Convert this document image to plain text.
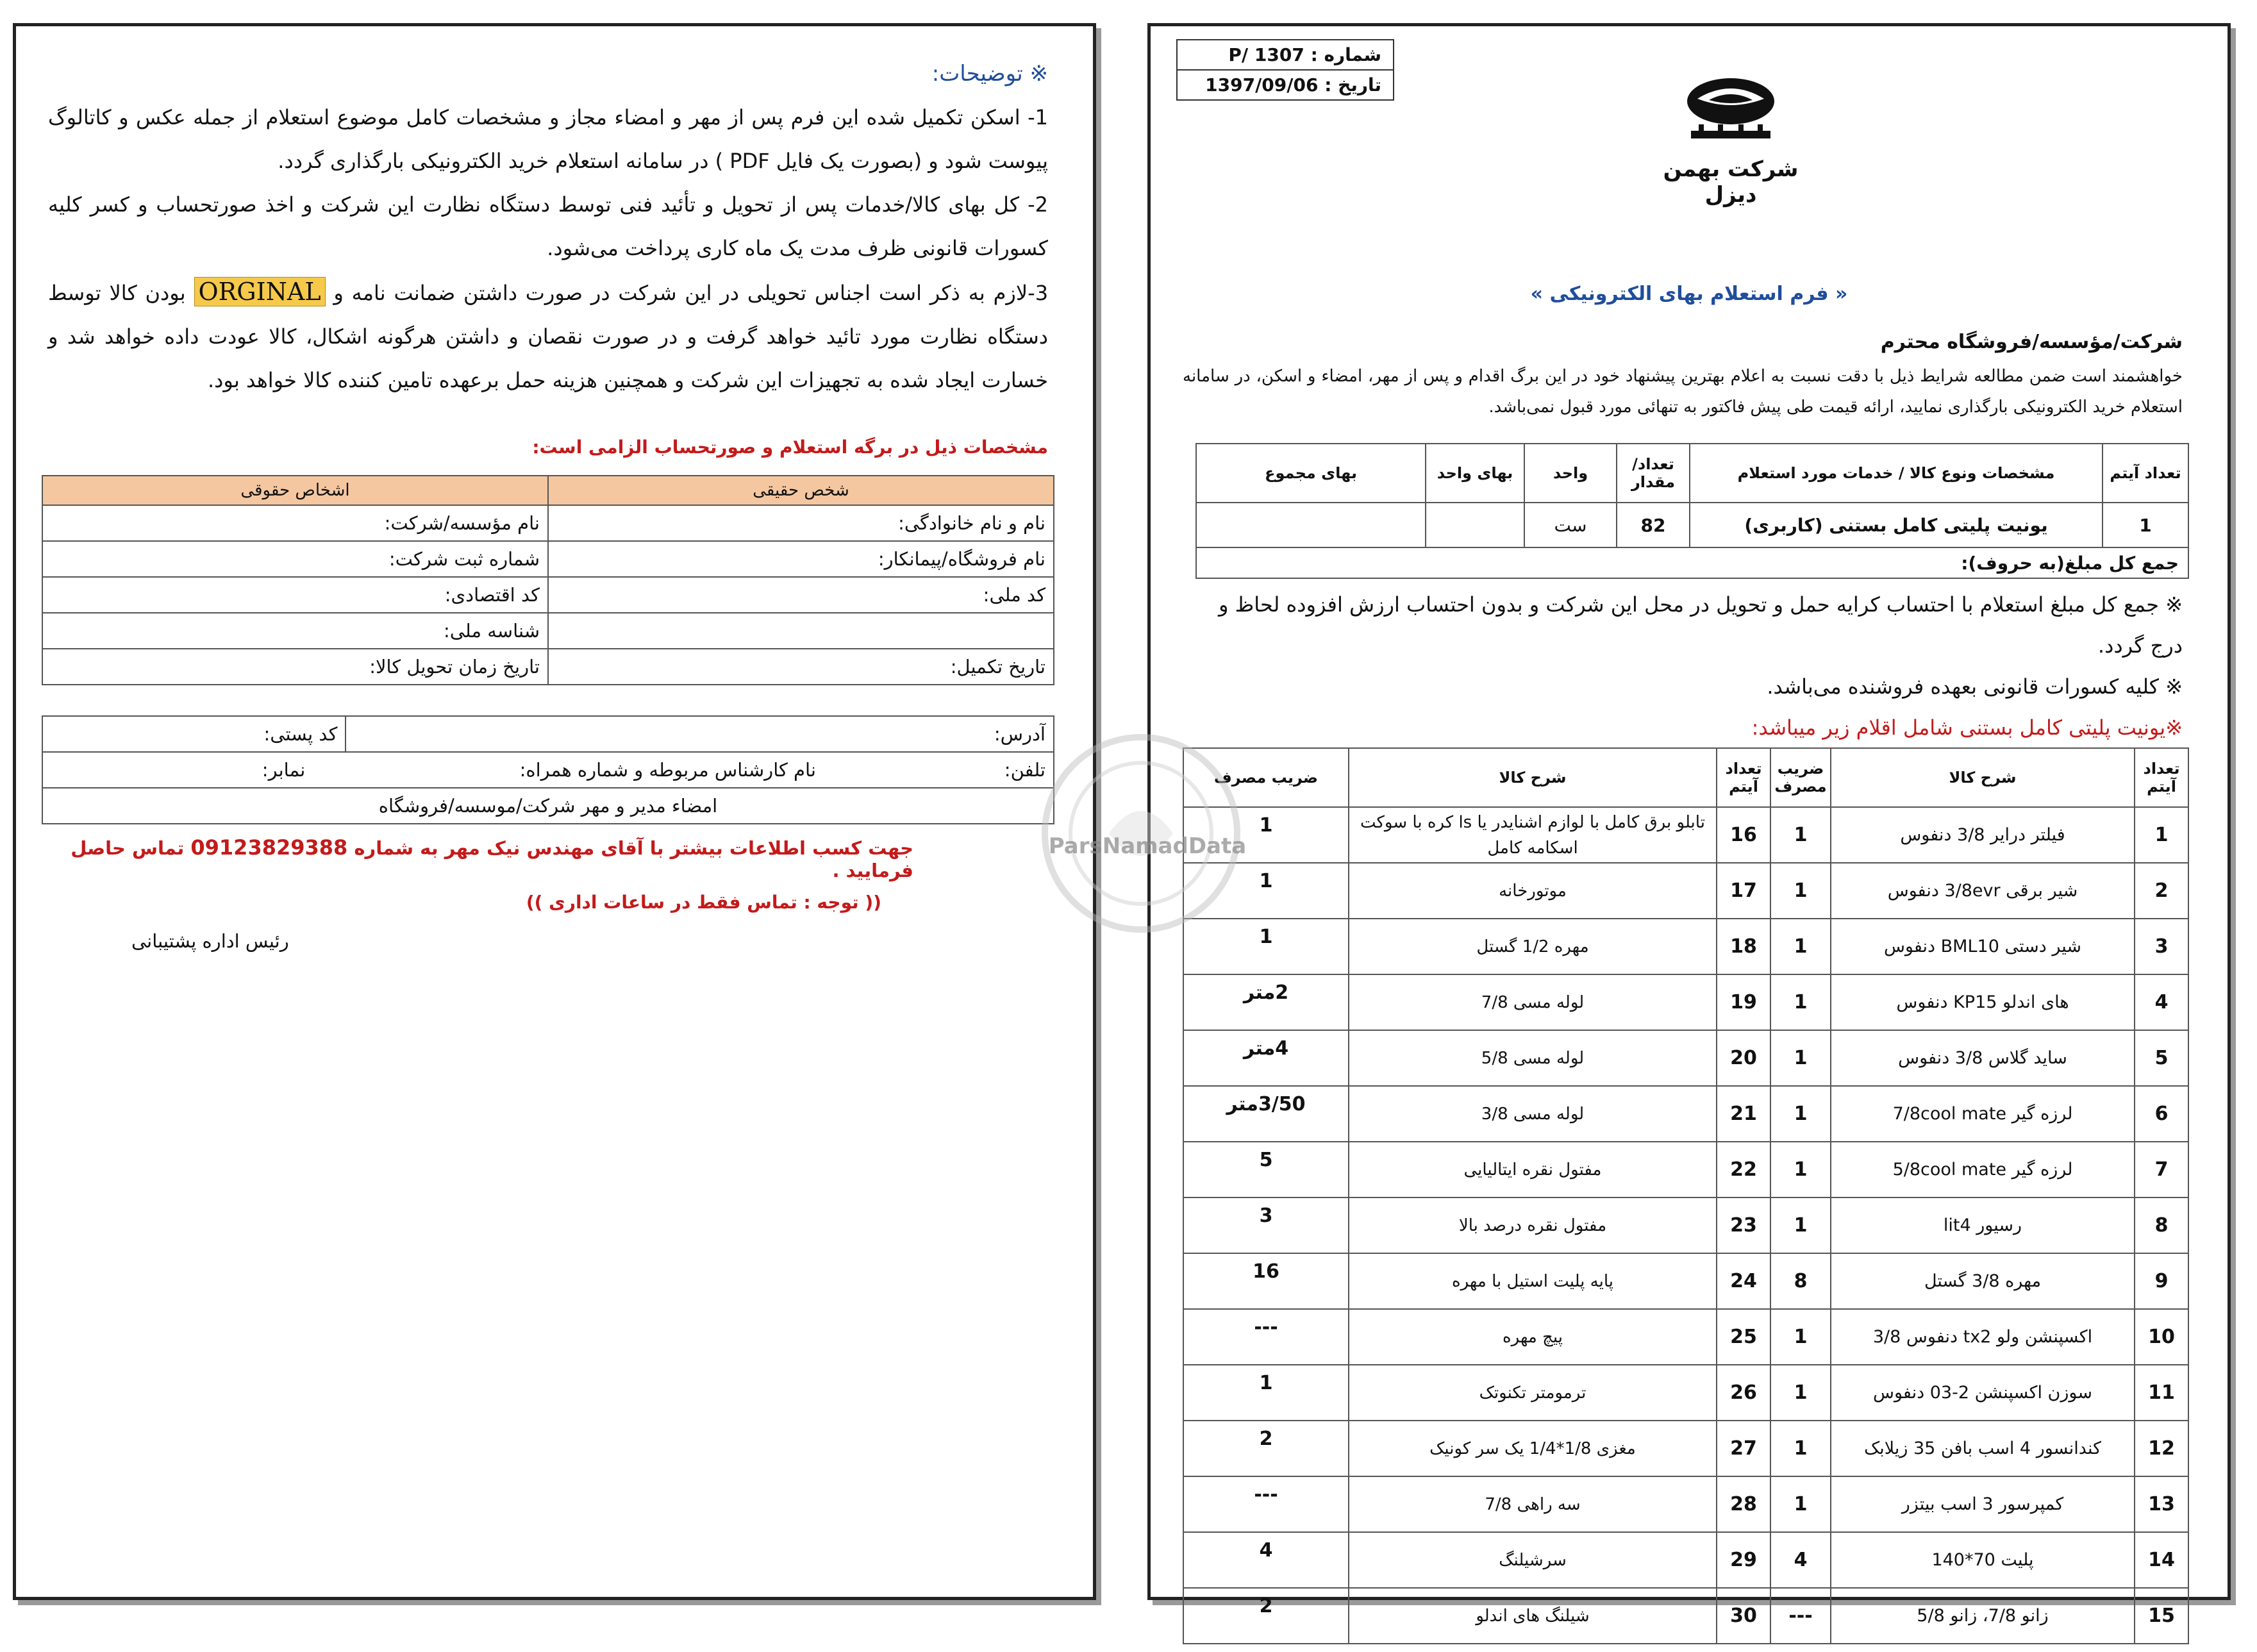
※ توضیحات:

1- اسکن تکمیل شده این فرم پس از مهر و امضاء مجاز و مشخصات کامل موضوع استعلام از جمله عکس و کاتالوگ پیوست شود و (بصورت یک فایل PDF ) در سامانه استعلام خرید الکترونیکی بارگذاری گردد.

2- کل بهای کالا/خدمات پس از تحویل و تأئید فنی توسط دستگاه نظارت این شرکت و اخذ صورتحساب و کسر کلیه کسورات قانونی ظرف مدت یک ماه کاری پرداخت می‌شود.

3-لازم به ذکر است اجناس تحویلی در این شرکت در صورت داشتن ضمانت نامه و ORGINAL بودن کالا توسط دستگاه نظارت مورد تائید خواهد گرفت و در صورت نقصان و داشتن هرگونه اشکال، کالا عودت داده خواهد شد و خسارت ایجاد شده به تجهیزات این شرکت و همچنین هزینه حمل برعهده تامین کننده کالا خواهد بود.

مشخصات ذیل در برگه استعلام و صورتحساب الزامی است:
شخص حقیقی	اشخاص حقوقی
نام و نام خانوادگی:	نام مؤسسه/شرکت:
نام فروشگاه/پیمانکار:	شماره ثبت شرکت:
کد ملی:	کد اقتصادی:
	شناسه ملی:
تاریخ تکمیل:	تاریخ زمان تحویل کالا:
آدرس:	کد پستی:
تلفن: نام کارشناس مربوطه و شماره همراه: نمابر:
امضاء مدیر و مهر شرکت/موسسه/فروشگاه
جهت کسب اطلاعات بیشتر با آقای مهندس نیک مهر به شماره 09123829388 تماس حاصل فرمایید .
(( توجه : تماس فقط در ساعات اداری ))
رئیس اداره پشتیبانی
شماره : P/ 1307
تاریخ : 1397/09/06
شرکت بهمن دیزل
« فرم استعلام بهای الکترونیکی »
شرکت/مؤسسه/فروشگاه محترم
خواهشمند است ضمن مطالعه شرایط ذیل با دقت نسبت به اعلام بهترین پیشنهاد خود در این برگ اقدام و پس از مهر، امضاء و اسکن، در سامانه استعلام خرید الکترونیکی بارگذاری نمایید، ارائه قیمت طی پیش فاکتور به تنهائی مورد قبول نمی‌باشد.
تعداد آیتم	مشخصات ونوع کالا / خدمات مورد استعلام	تعداد/ مقدار	واحد	بهای واحد	بهای مجموع
1	یونیت پلیتی کامل بستنی (کاربری)	82	ست		
جمع کل مبلغ(به حروف):					

※ جمع کل مبلغ استعلام با احتساب کرایه حمل و تحویل در محل این شرکت و بدون احتساب ارزش افزوده لحاظ و درج گردد.

※ کلیه کسورات قانونی بعهده فروشنده می‌باشد.

※یونیت پلیتی کامل بستنی شامل اقلام زیر میباشد:

تعداد آیتم	شرح کالا	ضریب مصرف	تعداد آیتم	شرح کالا	ضریب مصرف
1	فیلتر درایر 3/8 دنفوس	1	16	تابلو برق کامل با لوازم اشنایدر یا ls کره با سوکت اسکامه کامل	1
2	شیر برقی 3/8evr دنفوس	1	17	موتورخانه	1
3	شیر دستی BML10 دنفوس	1	18	مهره 1/2 گستل	1
4	های اندلو KP15 دنفوس	1	19	لوله مسی 7/8	2متر
5	ساید گلاس 3/8 دنفوس	1	20	لوله مسی 5/8	4متر
6	لرزه گیر 7/8cool mate	1	21	لوله مسی 3/8	3/50متر
7	لرزه گیر 5/8cool mate	1	22	مفتول نقره ایتالیایی	5
8	رسیور lit4	1	23	مفتول نقره درصد بالا	3
9	مهره 3/8 گستل	8	24	پایه پلیت استیل با مهره	16
10	اکسپنشن ولو tx2 دنفوس 3/8	1	25	پیچ مهره	---
11	سوزن اکسپنشن 2-03 دنفوس	1	26	ترمومتر تکنوتک	1
12	کندانسور 4 اسب بافن 35 زیلابک	1	27	مغزی 1/8*1/4 یک سر کونیک	2
13	کمپرسور 3 اسب بیتزر	1	28	سه راهی 7/8	---
14	پلیت 70*140	4	29	سرشیلنگ	4
15	زانو 7/8، زانو 5/8	---	30	شیلنگ های اندلو	2
ParsNamadData
